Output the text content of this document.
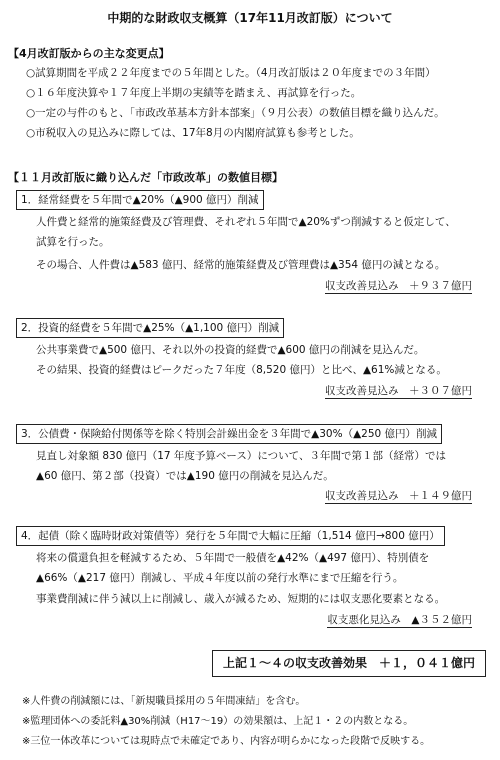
中期的な財政収支概算（17年11月改訂版）について
【4月改訂版からの主な変更点】
○試算期間を平成２２年度までの５年間とした。（4月改訂版は２０年度までの３年間）
○１６年度決算や１７年度上半期の実績等を踏まえ、再試算を行った。
○一定の与件のもと、「市政改革基本方針本部案」（９月公表）の数値目標を織り込んだ。
○市税収入の見込みに際しては、17年8月の内閣府試算も参考とした。
【１１月改訂版に織り込んだ「市政改革」の数値目標】
1．経常経費を５年間で▲20%（▲900 億円）削減
人件費と経常的施策経費及び管理費、それぞれ５年間で▲20%ずつ削減すると仮定して、
試算を行った。
その場合、人件費は▲583 億円、経常的施策経費及び管理費は▲354 億円の減となる。
収支改善見込み　＋９３７億円
2．投資的経費を５年間で▲25%（▲1,100 億円）削減
公共事業費で▲500 億円、それ以外の投資的経費で▲600 億円の削減を見込んだ。
その結果、投資的経費はピークだった７年度（8,520 億円）と比べ、▲61%減となる。
収支改善見込み　＋３０７億円
3．公債費・保険給付関係等を除く特別会計繰出金を３年間で▲30%（▲250 億円）削減
見直し対象額 830 億円（17 年度予算ベース）について、３年間で第１部（経常）では
▲60 億円、第２部（投資）では▲190 億円の削減を見込んだ。
収支改善見込み　＋１４９億円
4．起債（除く臨時財政対策債等）発行を５年間で大幅に圧縮（1,514 億円→800 億円）
将来の償還負担を軽減するため、５年間で一般債を▲42%（▲497 億円）、特別債を
▲66%（▲217 億円）削減し、平成４年度以前の発行水準にまで圧縮を行う。
事業費削減に伴う減以上に削減し、歳入が減るため、短期的には収支悪化要素となる。
収支悪化見込み　▲３５２億円
上記１～４の収支改善効果　＋１，０４１億円
※人件費の削減額には、「新規職員採用の５年間凍結」を含む。
※監理団体への委託料▲30%削減（H17～19）の効果額は、上記１・２の内数となる。
※三位一体改革については現時点で未確定であり、内容が明らかになった段階で反映する。
